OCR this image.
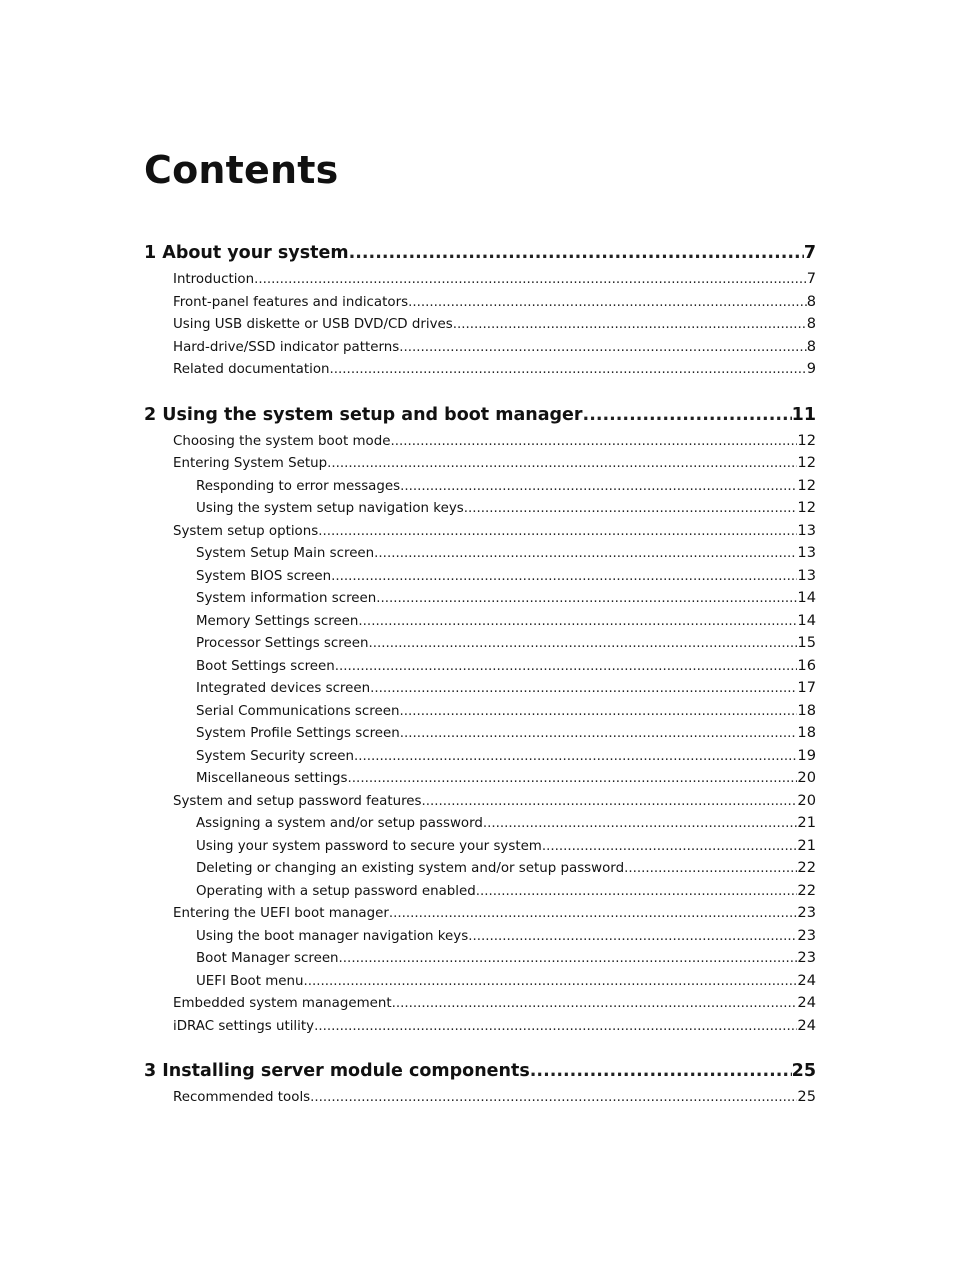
Contents
1 About your system .....	7
Introduction .....	7
Front-panel features and indicators .....	8
Using USB diskette or USB DVD/CD drives .....	8
Hard-drive/SSD indicator patterns .....	8
Related documentation .....	9
2 Using the system setup and boot manager .....	11
Choosing the system boot mode .....	12
Entering System Setup .....	12
Responding to error messages .....	12
Using the system setup navigation keys .....	12
System setup options .....	13
System Setup Main screen .....	13
System BIOS screen .....	13
System information screen .....	14
Memory Settings screen .....	14
Processor Settings screen .....	15
Boot Settings screen .....	16
Integrated devices screen .....	17
Serial Communications screen .....	18
System Profile Settings screen .....	18
System Security screen .....	19
Miscellaneous settings .....	20
System and setup password features .....	20
Assigning a system and/or setup password .....	21
Using your system password to secure your system .....	21
Deleting or changing an existing system and/or setup password .....	22
Operating with a setup password enabled .....	22
Entering the UEFI boot manager .....	23
Using the boot manager navigation keys .....	23
Boot Manager screen .....	23
UEFI Boot menu .....	24
Embedded system management .....	24
iDRAC settings utility .....	24
3 Installing server module components .....	25
Recommended tools .....	25
